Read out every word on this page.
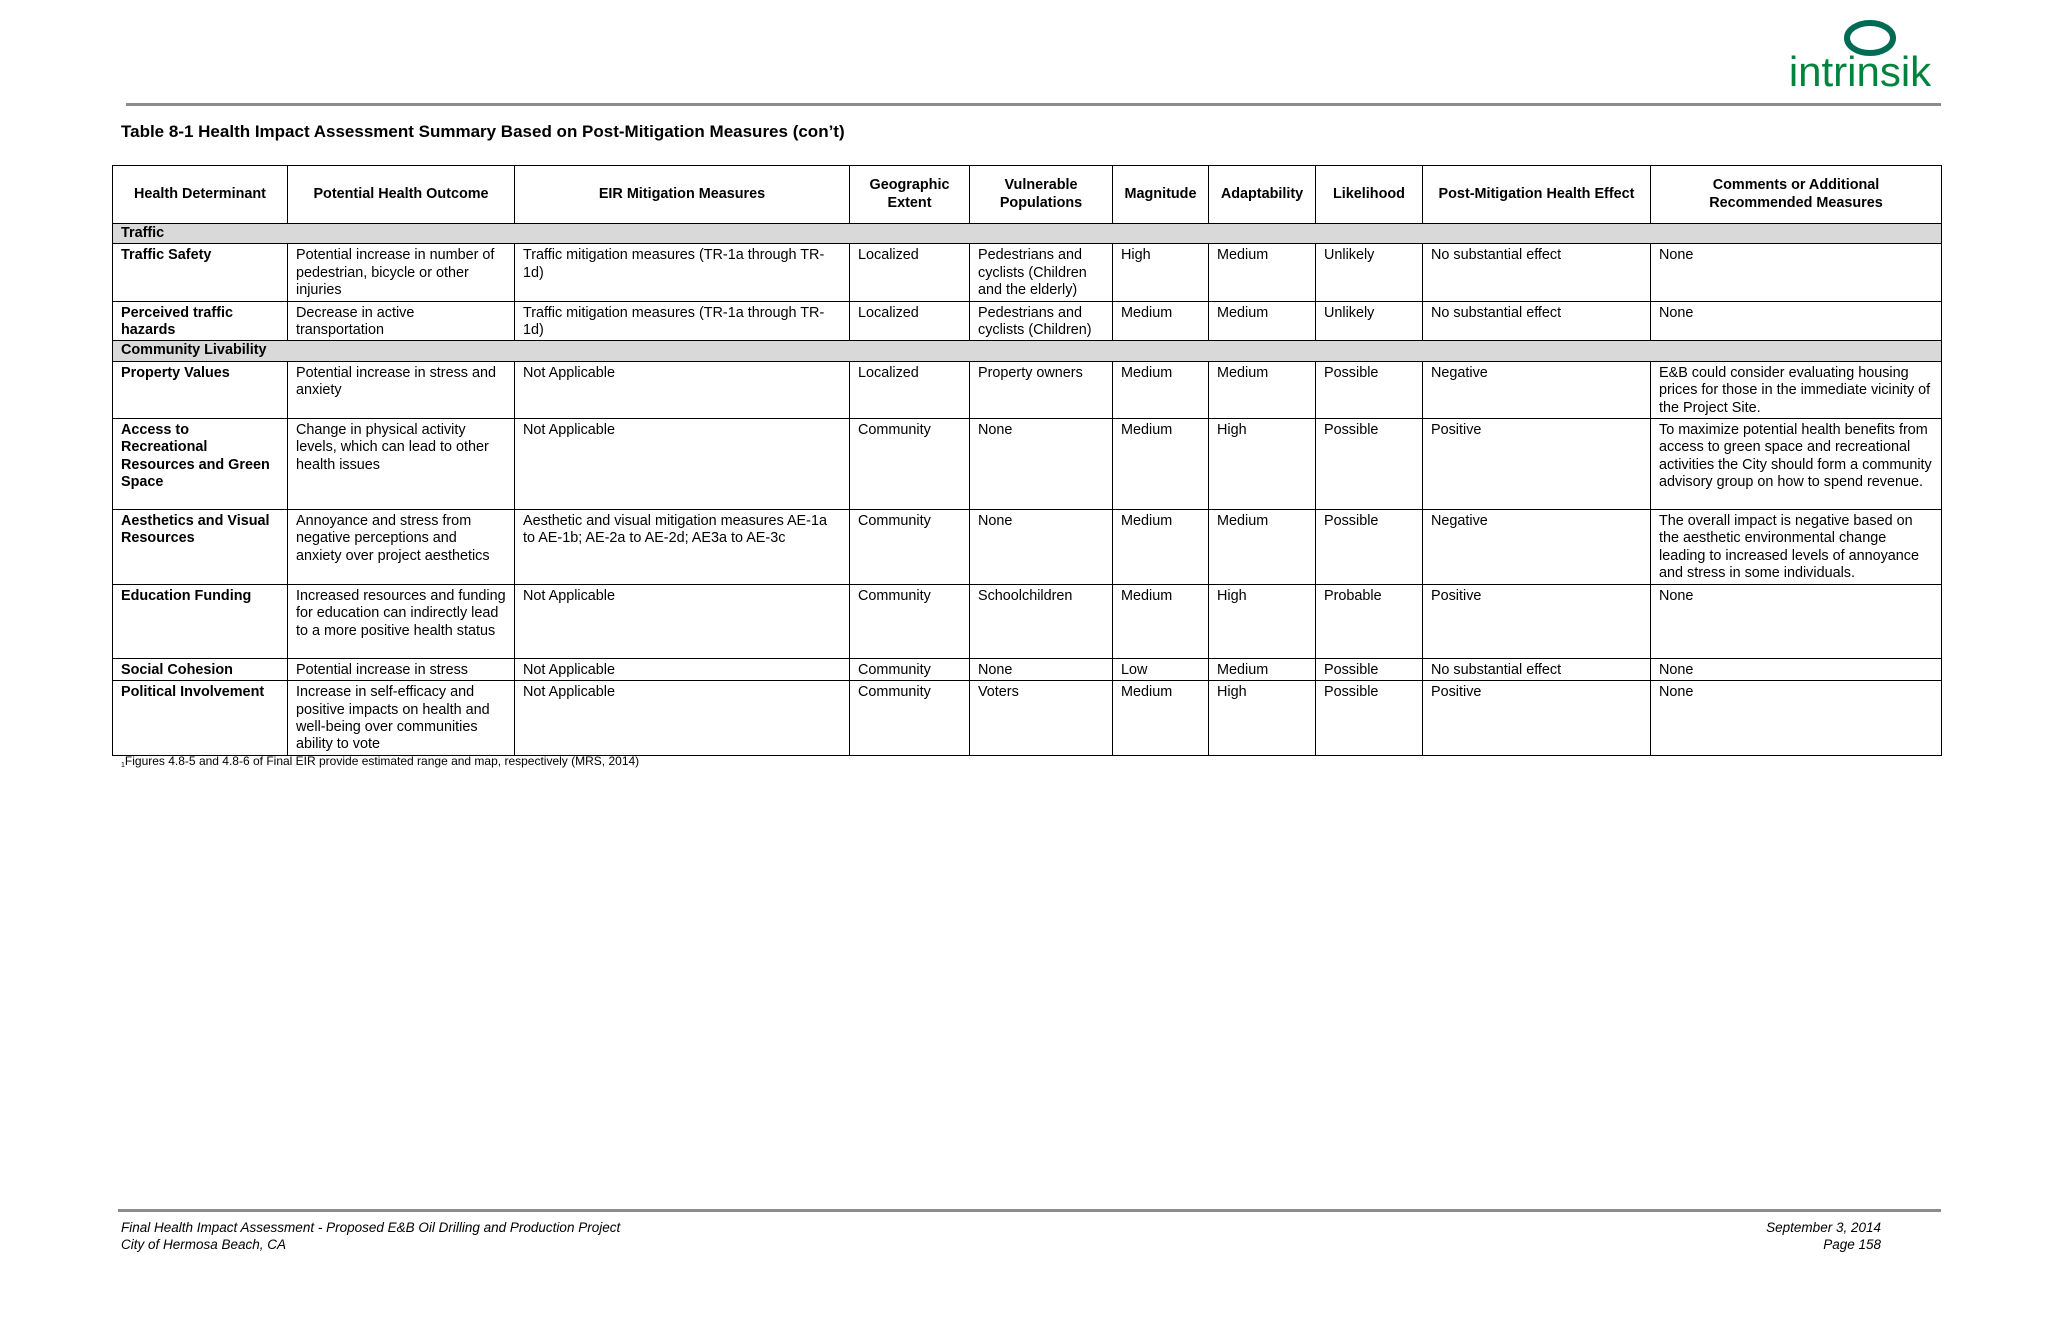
intrinsik
Table 8-1 Health Impact Assessment Summary Based on Post-Mitigation Measures (con’t)
Health Determinant	Potential Health Outcome	EIR Mitigation Measures	Geographic Extent	Vulnerable Populations	Magnitude	Adaptability	Likelihood	Post-Mitigation Health Effect	Comments or Additional Recommended Measures
Traffic									
Traffic Safety	Potential increase in number of pedestrian, bicycle or other injuries	Traffic mitigation measures (TR-1a through TR-1d)	Localized	Pedestrians and cyclists (Children and the elderly)	High	Medium	Unlikely	No substantial effect	None
Perceived traffic hazards	Decrease in active transportation	Traffic mitigation measures (TR-1a through TR-1d)	Localized	Pedestrians and cyclists (Children)	Medium	Medium	Unlikely	No substantial effect	None
Community Livability									
Property Values	Potential increase in stress and anxiety	Not Applicable	Localized	Property owners	Medium	Medium	Possible	Negative	E&B could consider evaluating housing prices for those in the immediate vicinity of the Project Site.
Access to Recreational Resources and Green Space	Change in physical activity levels, which can lead to other health issues	Not Applicable	Community	None	Medium	High	Possible	Positive	To maximize potential health benefits from access to green space and recreational activities the City should form a community advisory group on how to spend revenue.
Aesthetics and Visual Resources	Annoyance and stress from negative perceptions and anxiety over project aesthetics	Aesthetic and visual mitigation measures AE-1a to AE-1b; AE-2a to AE-2d; AE3a to AE-3c	Community	None	Medium	Medium	Possible	Negative	The overall impact is negative based on the aesthetic environmental change leading to increased levels of annoyance and stress in some individuals.
Education Funding	Increased resources and funding for education can indirectly lead to a more positive health status	Not Applicable	Community	Schoolchildren	Medium	High	Probable	Positive	None
Social Cohesion	Potential increase in stress	Not Applicable	Community	None	Low	Medium	Possible	No substantial effect	None
Political Involvement	Increase in self-efficacy and positive impacts on health and well-being over communities ability to vote	Not Applicable	Community	Voters	Medium	High	Possible	Positive	None
$^1$Figures 4.8-5 and 4.8-6 of Final EIR provide estimated range and map, respectively (MRS, 2014)
Final Health Impact Assessment - Proposed E&B Oil Drilling and Production Project
City of Hermosa Beach, CA
September 3, 2014
Page 158
